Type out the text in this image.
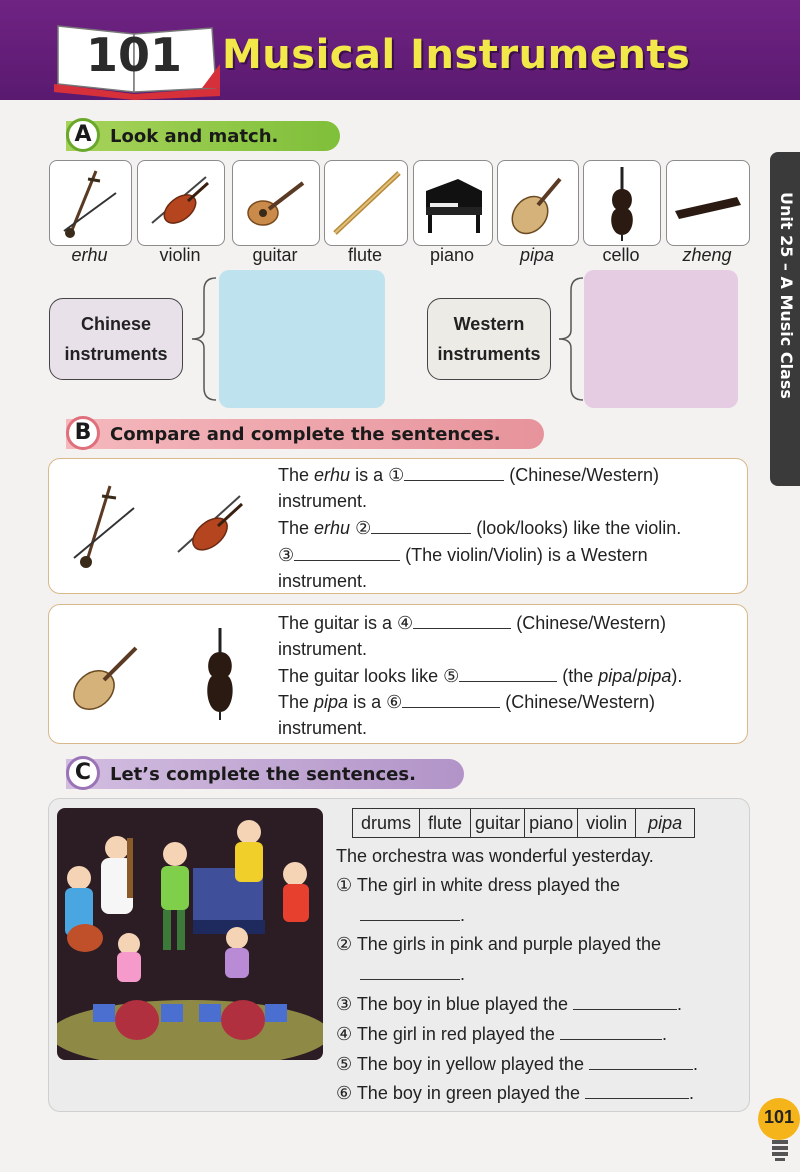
101 Musical Instruments
Unit 25 – A Music Class
A	Look and match.
erhu	violin	guitar	flute	piano	pipa	cello	zheng
Chinese
instruments
Western
instruments
B	Compare and complete the sentences.
The erhu is a ①	(Chinese/Western)
instrument.
The erhu ②	(look/looks) like the violin.
③	(The violin/Violin) is a Western
instrument.
The guitar is a ④	(Chinese/Western)
instrument.
The guitar looks like ⑤	(the pipa/pipa).
The pipa is a ⑥	(Chinese/Western)
instrument.
C	Let’s complete the sentences.
drums flute guitar piano violin	pipa
The orchestra was wonderful yesterday.
① The girl in white dress played the
.
② The girls in pink and purple played the
.
③ The boy in blue played the	.
④ The girl in red played the	.
⑤ The boy in yellow played the	.
⑥ The boy in green played the	.
101
